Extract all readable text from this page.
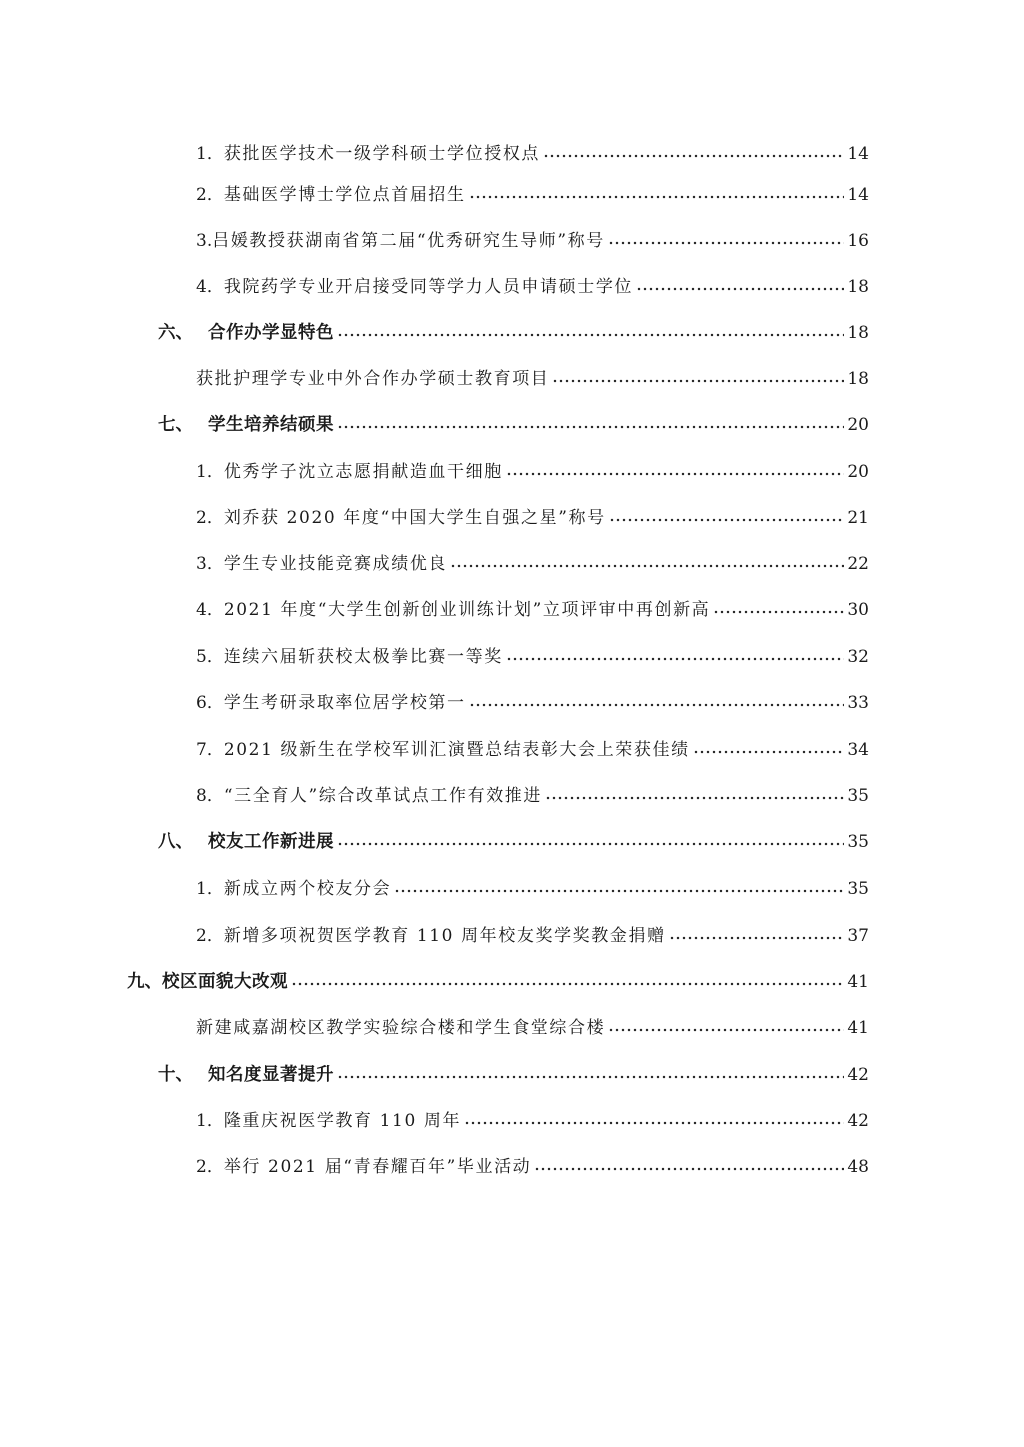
1．获批医学技术一级学科硕士学位授权点	14
2．基础医学博士学位点首届招生	14
3.吕媛教授获湖南省第二届“优秀研究生导师”称号	16
4．我院药学专业开启接受同等学力人员申请硕士学位	18
六、 合作办学显特色	18
获批护理学专业中外合作办学硕士教育项目	18
七、 学生培养结硕果	20
1．优秀学子沈立志愿捐献造血干细胞	20
2．刘乔获 2020 年度“中国大学生自强之星”称号	21
3．学生专业技能竞赛成绩优良	22
4．2021 年度“大学生创新创业训练计划”立项评审中再创新高	30
5．连续六届斩获校太极拳比赛一等奖	32
6．学生考研录取率位居学校第一	33
7．2021 级新生在学校军训汇演暨总结表彰大会上荣获佳绩	34
8．“三全育人”综合改革试点工作有效推进	35
八、 校友工作新进展	35
1．新成立两个校友分会	35
2．新增多项祝贺医学教育 110 周年校友奖学奖教金捐赠	37
九、校区面貌大改观	41
新建咸嘉湖校区教学实验综合楼和学生食堂综合楼	41
十、 知名度显著提升	42
1．隆重庆祝医学教育 110 周年	42
2．举行 2021 届“青春耀百年”毕业活动	48
